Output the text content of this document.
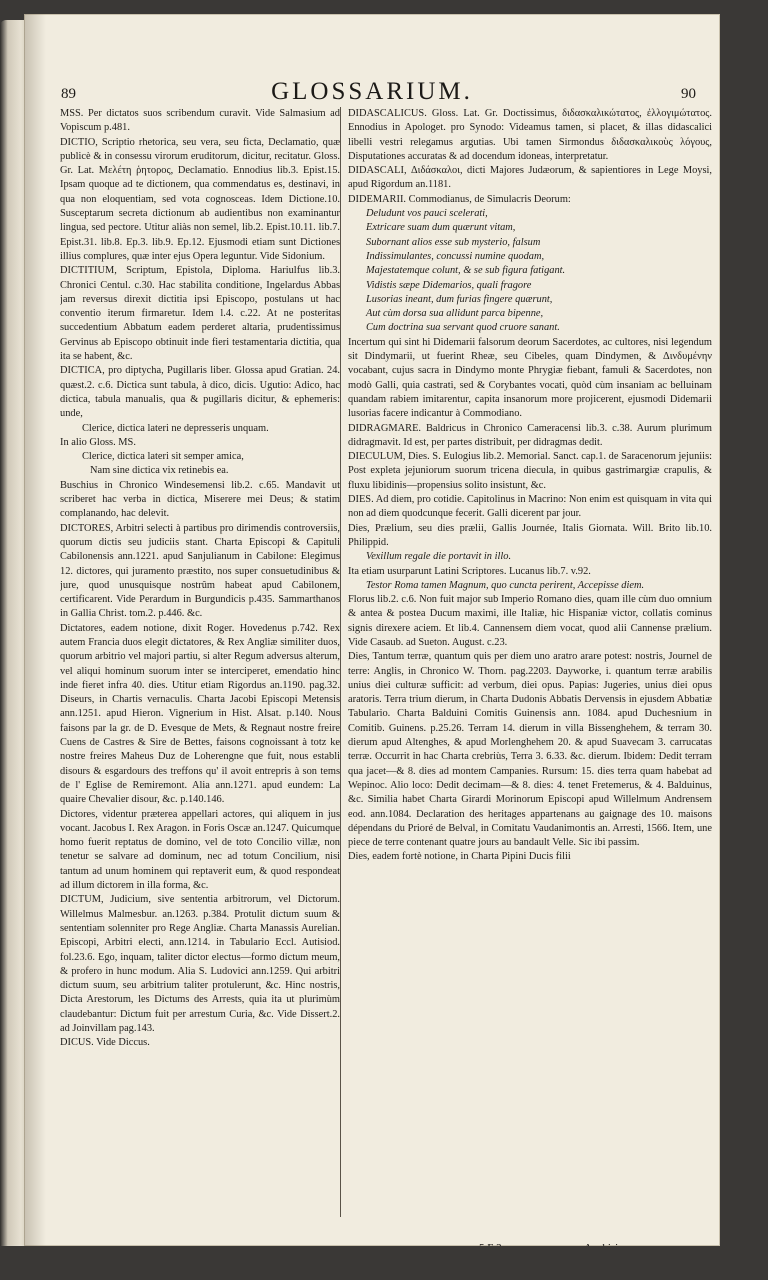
89	GLOSSARIUM.	90

MSS. Per dictatos suos scribendum curavit. Vide Salmasium ad Vopiscum p.481.

DICTIO, Scriptio rhetorica, seu vera, seu ficta, Declamatio, quæ publicè & in consessu virorum eruditorum, dicitur, recitatur. Gloss. Gr. Lat. Μελέτη ῥητορος, Declamatio. Ennodius lib.3. Epist.15. Ipsam quoque ad te dictionem, qua commendatus es, destinavi, in qua non eloquentiam, sed vota cognosceas. Idem Dictione.10. Susceptarum secreta dictionum ab audientibus non examinantur lingua, sed pectore. Utitur aliàs non semel, lib.2. Epist.10.11. lib.7. Epist.31. lib.8. Ep.3. lib.9. Ep.12. Ejusmodi etiam sunt Dictiones illius complures, quæ inter ejus Opera leguntur. Vide Sidonium.

DICTITIUM, Scriptum, Epistola, Diploma. Hariulfus lib.3. Chronici Centul. c.30. Hac stabilita conditione, Ingelardus Abbas jam reversus direxit dictitia ipsi Episcopo, postulans ut hac conventio iterum firmaretur. Idem l.4. c.22. At ne posteritas succedentium Abbatum eadem perderet altaria, prudentissimus Gervinus ab Episcopo obtinuit inde fieri testamentaria dictitia, qua ita se habent, &c.

DICTICA, pro diptycha, Pugillaris liber. Glossa apud Gratian. 24. quæst.2. c.6. Dictica sunt tabula, à dico, dicis. Ugutio: Adico, hac dictica, tabula manualis, qua & pugillaris dicitur, & ephemeris: unde,

Clerice, dictica lateri ne depresseris unquam.

In alio Gloss. MS.

Clerice, dictica lateri sit semper amica,

Nam sine dictica vix retinebis ea.

Buschius in Chronico Windesemensi lib.2. c.65. Mandavit ut scriberet hac verba in dictica, Miserere mei Deus; & statim complanando, hac delevit.

DICTORES, Arbitri selecti à partibus pro dirimendis controversiis, quorum dictis seu judiciis stant. Charta Episcopi & Capituli Cabilonensis ann.1221. apud Sanjulianum in Cabilone: Elegimus 12. dictores, qui juramento præstito, nos super consuetudinibus & jure, quod unusquisque nostrûm habeat apud Cabilonem, certificarent. Vide Perardum in Burgundicis p.435. Sammarthanos in Gallia Christ. tom.2. p.446. &c.

Dictatores, eadem notione, dixit Roger. Hovedenus p.742. Rex autem Francia duos elegit dictatores, & Rex Angliæ similiter duos, quorum arbitrio vel majori partiu, si alter Regum adversus alterum, vel aliqui hominum suorum inter se interciperet, emendatio hinc inde fieret infra 40. dies. Utitur etiam Rigordus an.1190. pag.32. Diseurs, in Chartis vernaculis. Charta Jacobi Episcopi Metensis ann.1251. apud Hieron. Vignerium in Hist. Alsat. p.140. Nous faisons par la gr. de D. Evesque de Mets, & Regnaut nostre freire Cuens de Castres & Sire de Bettes, faisons cognoissant à totz ke nostre freires Maheus Duz de Loherengne que fuit, nous establi disours & esgardours des treffons qu' il avoit entrepris à son tems de l' Eglise de Remiremont. Alia ann.1271. apud eundem: La quaire Chevalier disour, &c. p.140.146.

Dictores, videntur præterea appellari actores, qui aliquem in jus vocant. Jacobus I. Rex Aragon. in Foris Oscæ an.1247. Quicumque homo fuerit reptatus de domino, vel de toto Concilio villæ, non tenetur se salvare ad dominum, nec ad totum Concilium, nisi tantum ad unum hominem qui reptaverit eum, & quod respondeat ad illum dictorem in illa forma, &c.

DICTUM, Judicium, sive sententia arbitrorum, vel Dictorum. Willelmus Malmesbur. an.1263. p.384. Protulit dictum suum & sententiam solenniter pro Rege Angliæ. Charta Manassis Aurelian. Episcopi, Arbitri electi, ann.1214. in Tabulario Eccl. Autisiod. fol.23.6. Ego, inquam, taliter dictor electus—formo dictum meum, & profero in hunc modum. Alia S. Ludovici ann.1259. Qui arbitri dictum suum, seu arbitrium taliter protulerunt, &c. Hinc nostris, Dicta Arestorum, les Dictums des Arrests, quia ita ut plurimùm claudebantur: Dictum fuit per arrestum Curia, &c. Vide Dissert.2. ad Joinvillam pag.143.

DICUS. Vide Diccus.

DIDASCALICUS. Gloss. Lat. Gr. Doctissimus, διδασκαλικώτατος, ἐλλογιμώτατος. Ennodius in Apologet. pro Synodo: Videamus tamen, si placet, & illas didascalici libelli vestri relegamus argutias. Ubi tamen Sirmondus διδασκαλικοὺς λόγους, Disputationes accuratas & ad docendum idoneas, interpretatur.

DIDASCALI, Διδάσκαλοι, dicti Majores Judæorum, & sapientiores in Lege Moysi, apud Rigordum an.1181.

DIDEMARII. Commodianus, de Simulacris Deorum:

Deludunt vos pauci scelerati,

Extricare suam dum quærunt vitam,

Subornant alios esse sub mysterio, falsum

Indissimulantes, concussi numine quodam,

Majestatemque colunt, & se sub figura fatigant.

Vidistis sæpe Didemarios, quali fragore

Lusorias ineant, dum furias fingere quærunt,

Aut cùm dorsa sua allidunt parca bipenne,

Cum doctrina sua servant quod cruore sanant.

Incertum qui sint hi Didemarii falsorum deorum Sacerdotes, ac cultores, nisi legendum sit Dindymarii, ut fuerint Rheæ, seu Cibeles, quam Dindymen, & Δινδυμένην vocabant, cujus sacra in Dindymo monte Phrygiæ fiebant, famuli & Sacerdotes, non modò Galli, quia castrati, sed & Corybantes vocati, quòd cùm insaniam ac belluinam quandam rabiem imitarentur, capita insanorum more projicerent, ejusmodi Didemarii lusorias facere indicantur à Commodiano.

DIDRAGMARE. Baldricus in Chronico Cameracensi lib.3. c.38. Aurum plurimum didragmavit. Id est, per partes distribuit, per didragmas dedit.

DIECULUM, Dies. S. Eulogius lib.2. Memorial. Sanct. cap.1. de Saracenorum jejuniis: Post expleta jejuniorum suorum tricena diecula, in quibus gastrimargiæ crapulis, & fluxu libidinis—propensius solito insistunt, &c.

DIES. Ad diem, pro cotidie. Capitolinus in Macrino: Non enim est quisquam in vita qui non ad diem quodcunque fecerit. Galli dicerent par jour.

Dies, Prælium, seu dies prælii, Gallis Journée, Italis Giornata. Will. Brito lib.10. Philippid.

Vexillum regale die portavit in illo.

Ita etiam usurparunt Latini Scriptores. Lucanus lib.7. v.92.

Testor Roma tamen Magnum, quo cuncta perirent, Accepisse diem.

Florus lib.2. c.6. Non fuit major sub Imperio Romano dies, quam ille cùm duo omnium & antea & postea Ducum maximi, ille Italiæ, hic Hispaniæ victor, collatis cominus signis direxere aciem. Et lib.4. Cannensem diem vocat, quod alii Cannense prælium. Vide Casaub. ad Sueton. August. c.23.

Dies, Tantum terræ, quantum quis per diem uno aratro arare potest: nostris, Journel de terre: Anglis, in Chronico W. Thorn. pag.2203. Dayworke, i. quantum terræ arabilis unius diei culturæ sufficit: ad verbum, diei opus. Papias: Jugeries, unius diei opus aratoris. Terra trium dierum, in Charta Dudonis Abbatis Dervensis in ejusdem Abbatiæ Tabulario. Charta Balduini Comitis Guinensis ann. 1084. apud Duchesnium in Comitib. Guinens. p.25.26. Terram 14. dierum in villa Bissenghehem, & terram 30. dierum apud Altenghes, & apud Morlenghehem 20. & apud Suavecam 3. carrucatas terræ. Occurrit in hac Charta crebriùs, Terra 3. 6.33. &c. dierum. Ibidem: Dedit terram qua jacet—& 8. dies ad montem Campanies. Rursum: 15. dies terra quam habebat ad Wepinoc. Alio loco: Dedit decimam—& 8. dies: 4. tenet Fretemerus, & 4. Balduinus, &c. Similia habet Charta Girardi Morinorum Episcopi apud Willelmum Andrensem eod. ann.1084. Declaration des heritages appartenans au gaignage des 10. maisons dépendans du Prioré de Belval, in Comitatu Vaudanimontis an. Arresti, 1566. Item, une piece de terre contenant quatre jours au bandault Velle. Sic ibi passim.

Dies, eadem fortè notione, in Charta Pipini Ducis filii
